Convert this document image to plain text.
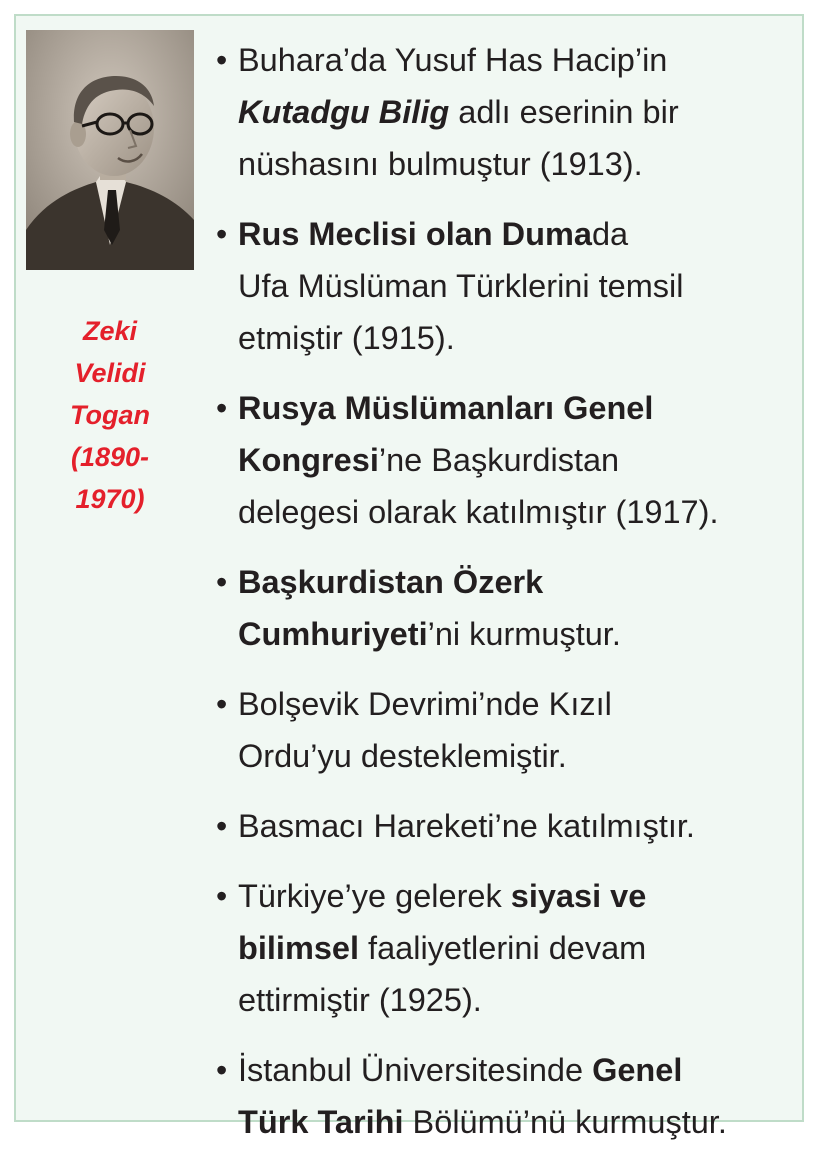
Zeki
Velidi
Togan
(1890-
1970)
• Buhara’da Yusuf Has Hacip’in
Kutadgu Bilig adlı eserinin bir
nüshasını bulmuştur (1913).
• Rus Meclisi olan Dumada
Ufa Müslüman Türklerini temsil
etmiştir (1915).
• Rusya Müslümanları Genel
Kongresi’ne Başkurdistan
delegesi olarak katılmıştır (1917).
• Başkurdistan Özerk
Cumhuriyeti’ni kurmuştur.
• Bolşevik Devrimi’nde Kızıl
Ordu’yu desteklemiştir.
• Basmacı Hareketi’ne katılmıştır.
• Türkiye’ye gelerek siyasi ve
bilimsel faaliyetlerini devam
ettirmiştir (1925).
• İstanbul Üniversitesinde Genel
Türk Tarihi Bölümü’nü kurmuştur.
